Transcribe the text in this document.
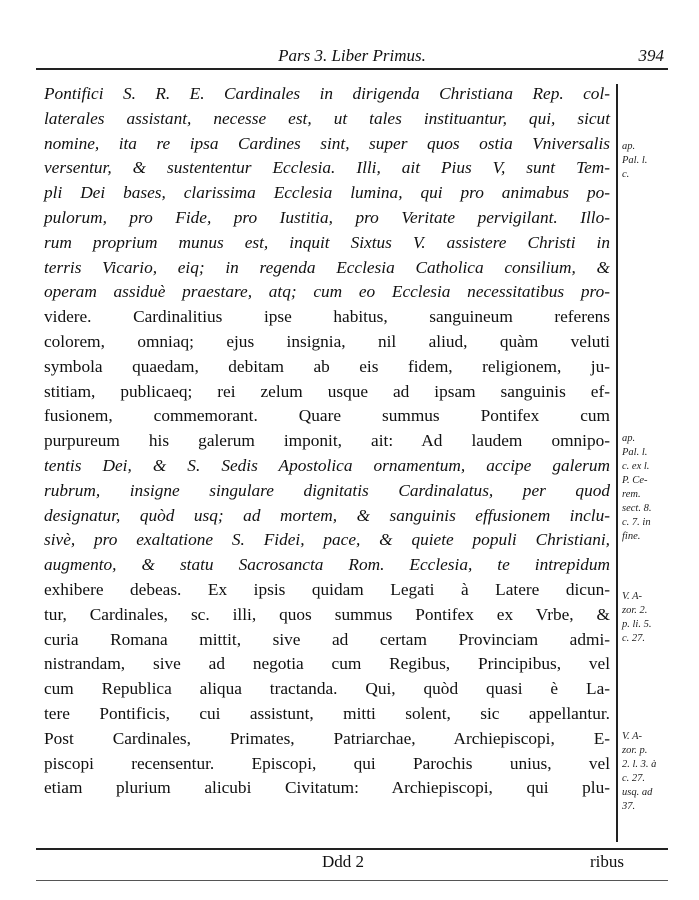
Pars 3. Liber Primus.	394
Pontifici S. R. E. Cardinales in dirigenda Christiana Rep. col-
laterales assistant, necesse est, ut tales instituantur, qui, sicut
nomine, ita re ipsa Cardines sint, super quos ostia Vniversalis
versentur, & sustententur Ecclesia. Illi, ait Pius V, sunt Tem-
pli Dei bases, clarissima Ecclesia lumina, qui pro animabus po-
pulorum, pro Fide, pro Iustitia, pro Veritate pervigilant. Illo-
rum proprium munus est, inquit Sixtus V. assistere Christi in
terris Vicario, eiq; in regenda Ecclesia Catholica consilium, &
operam assiduè praestare, atq; cum eo Ecclesia necessitatibus pro-
videre. Cardinalitius ipse habitus, sanguineum referens
colorem, omniaq; ejus insignia, nil aliud, quàm veluti
symbola quaedam, debitam ab eis fidem, religionem, ju-
stitiam, publicaeq; rei zelum usque ad ipsam sanguinis ef-
fusionem, commemorant. Quare summus Pontifex cum
purpureum his galerum imponit, ait: Ad laudem omnipo-
tentis Dei, & S. Sedis Apostolica ornamentum, accipe galerum
rubrum, insigne singulare dignitatis Cardinalatus, per quod
designatur, quòd usq; ad mortem, & sanguinis effusionem inclu-
sivè, pro exaltatione S. Fidei, pace, & quiete populi Christiani,
augmento, & statu Sacrosancta Rom. Ecclesia, te intrepidum
exhibere debeas. Ex ipsis quidam Legati à Latere dicun-
tur, Cardinales, sc. illi, quos summus Pontifex ex Vrbe, &
curia Romana mittit, sive ad certam Provinciam admi-
nistrandam, sive ad negotia cum Regibus, Principibus, vel
cum Republica aliqua tractanda. Qui, quòd quasi è La-
tere Pontificis, cui assistunt, mitti solent, sic appellantur.
Post Cardinales, Primates, Patriarchae, Archiepiscopi, E-
piscopi recensentur. Episcopi, qui Parochis unius, vel
etiam plurium alicubi Civitatum: Archiepiscopi, qui plu-
ap.
Pal. l.
c.
ap.
Pal. l.
c. ex l.
P. Ce-
rem.
sect. 8.
c. 7. in
fine.
V. A-
zor. 2.
p. li. 5.
c. 27.
V. A-
zor. p.
2. l. 3. à
c. 27.
usq. ad
37.
Ddd 2	ribus
